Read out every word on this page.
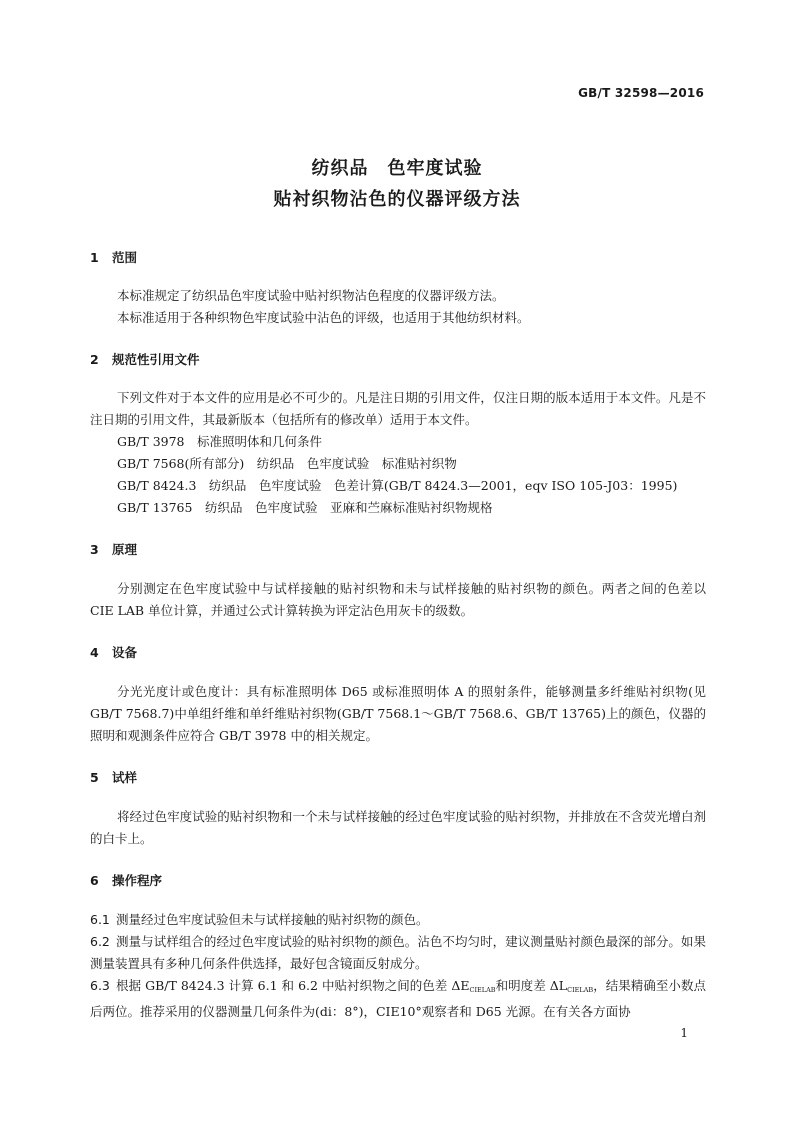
GB/T 32598—2016
纺织品　色牢度试验
贴衬织物沾色的仪器评级方法
1 范围

本标准规定了纺织品色牢度试验中贴衬织物沾色程度的仪器评级方法。

本标准适用于各种织物色牢度试验中沾色的评级，也适用于其他纺织材料。

2 规范性引用文件

下列文件对于本文件的应用是必不可少的。凡是注日期的引用文件，仅注日期的版本适用于本文件。凡是不注日期的引用文件，其最新版本（包括所有的修改单）适用于本文件。

GB/T 3978　标准照明体和几何条件

GB/T 7568(所有部分)　纺织品　色牢度试验　标准贴衬织物

GB/T 8424.3　纺织品　色牢度试验　色差计算(GB/T 8424.3—2001，eqv ISO 105-J03：1995)

GB/T 13765　纺织品　色牢度试验　亚麻和苎麻标准贴衬织物规格

3 原理

分别测定在色牢度试验中与试样接触的贴衬织物和未与试样接触的贴衬织物的颜色。两者之间的色差以 CIE LAB 单位计算，并通过公式计算转换为评定沾色用灰卡的级数。

4 设备

分光光度计或色度计：具有标准照明体 D65 或标准照明体 A 的照射条件，能够测量多纤维贴衬织物(见 GB/T 7568.7)中单组纤维和单纤维贴衬织物(GB/T 7568.1～GB/T 7568.6、GB/T 13765)上的颜色，仪器的照明和观测条件应符合 GB/T 3978 中的相关规定。

5 试样

将经过色牢度试验的贴衬织物和一个未与试样接触的经过色牢度试验的贴衬织物，并排放在不含荧光增白剂的白卡上。

6 操作程序

6.1 测量经过色牢度试验但未与试样接触的贴衬织物的颜色。

6.2 测量与试样组合的经过色牢度试验的贴衬织物的颜色。沾色不均匀时，建议测量贴衬颜色最深的部分。如果测量装置具有多种几何条件供选择，最好包含镜面反射成分。

6.3 根据 GB/T 8424.3 计算 6.1 和 6.2 中贴衬织物之间的色差 $\Delta E_{CIELAB}$和明度差 $\Delta L_{CIELAB}$，结果精确至小数点后两位。推荐采用的仪器测量几何条件为(di：8°)，CIE10°观察者和 D65 光源。在有关各方面协

1
